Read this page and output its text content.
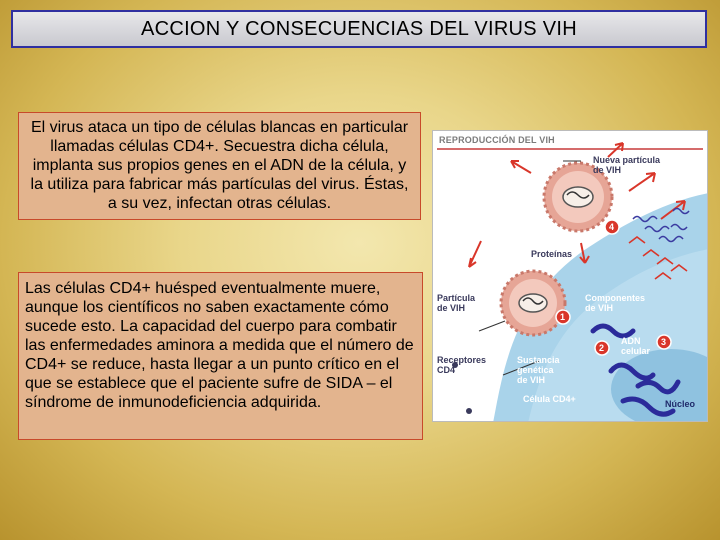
ACCION Y CONSECUENCIAS DEL VIRUS VIH
El virus ataca un tipo de células blancas en particular llamadas células CD4+. Secuestra dicha célula, implanta sus propios genes en el ADN de la célula, y la utiliza para fabricar más partículas del virus. Éstas, a su vez, infectan otras células.
Las células CD4+ huésped eventualmente muere, aunque los científicos no saben exactamente cómo sucede esto. La capacidad del cuerpo para combatir las enfermedades aminora a medida que el número de CD4+ se reduce, hasta llegar a un punto crítico en el que se establece que el paciente sufre de SIDA – el síndrome de inmunodeficiencia adquirida.
REPRODUCCIÓN DEL VIH
1
2
3
4
Nueva partícula
de VIH
Proteínas
Partícula
de VIH
Componentes
de VIH
ADN
celular
Receptores
CD4
Sustancia
genética
de VIH
Célula CD4+	Núcleo
